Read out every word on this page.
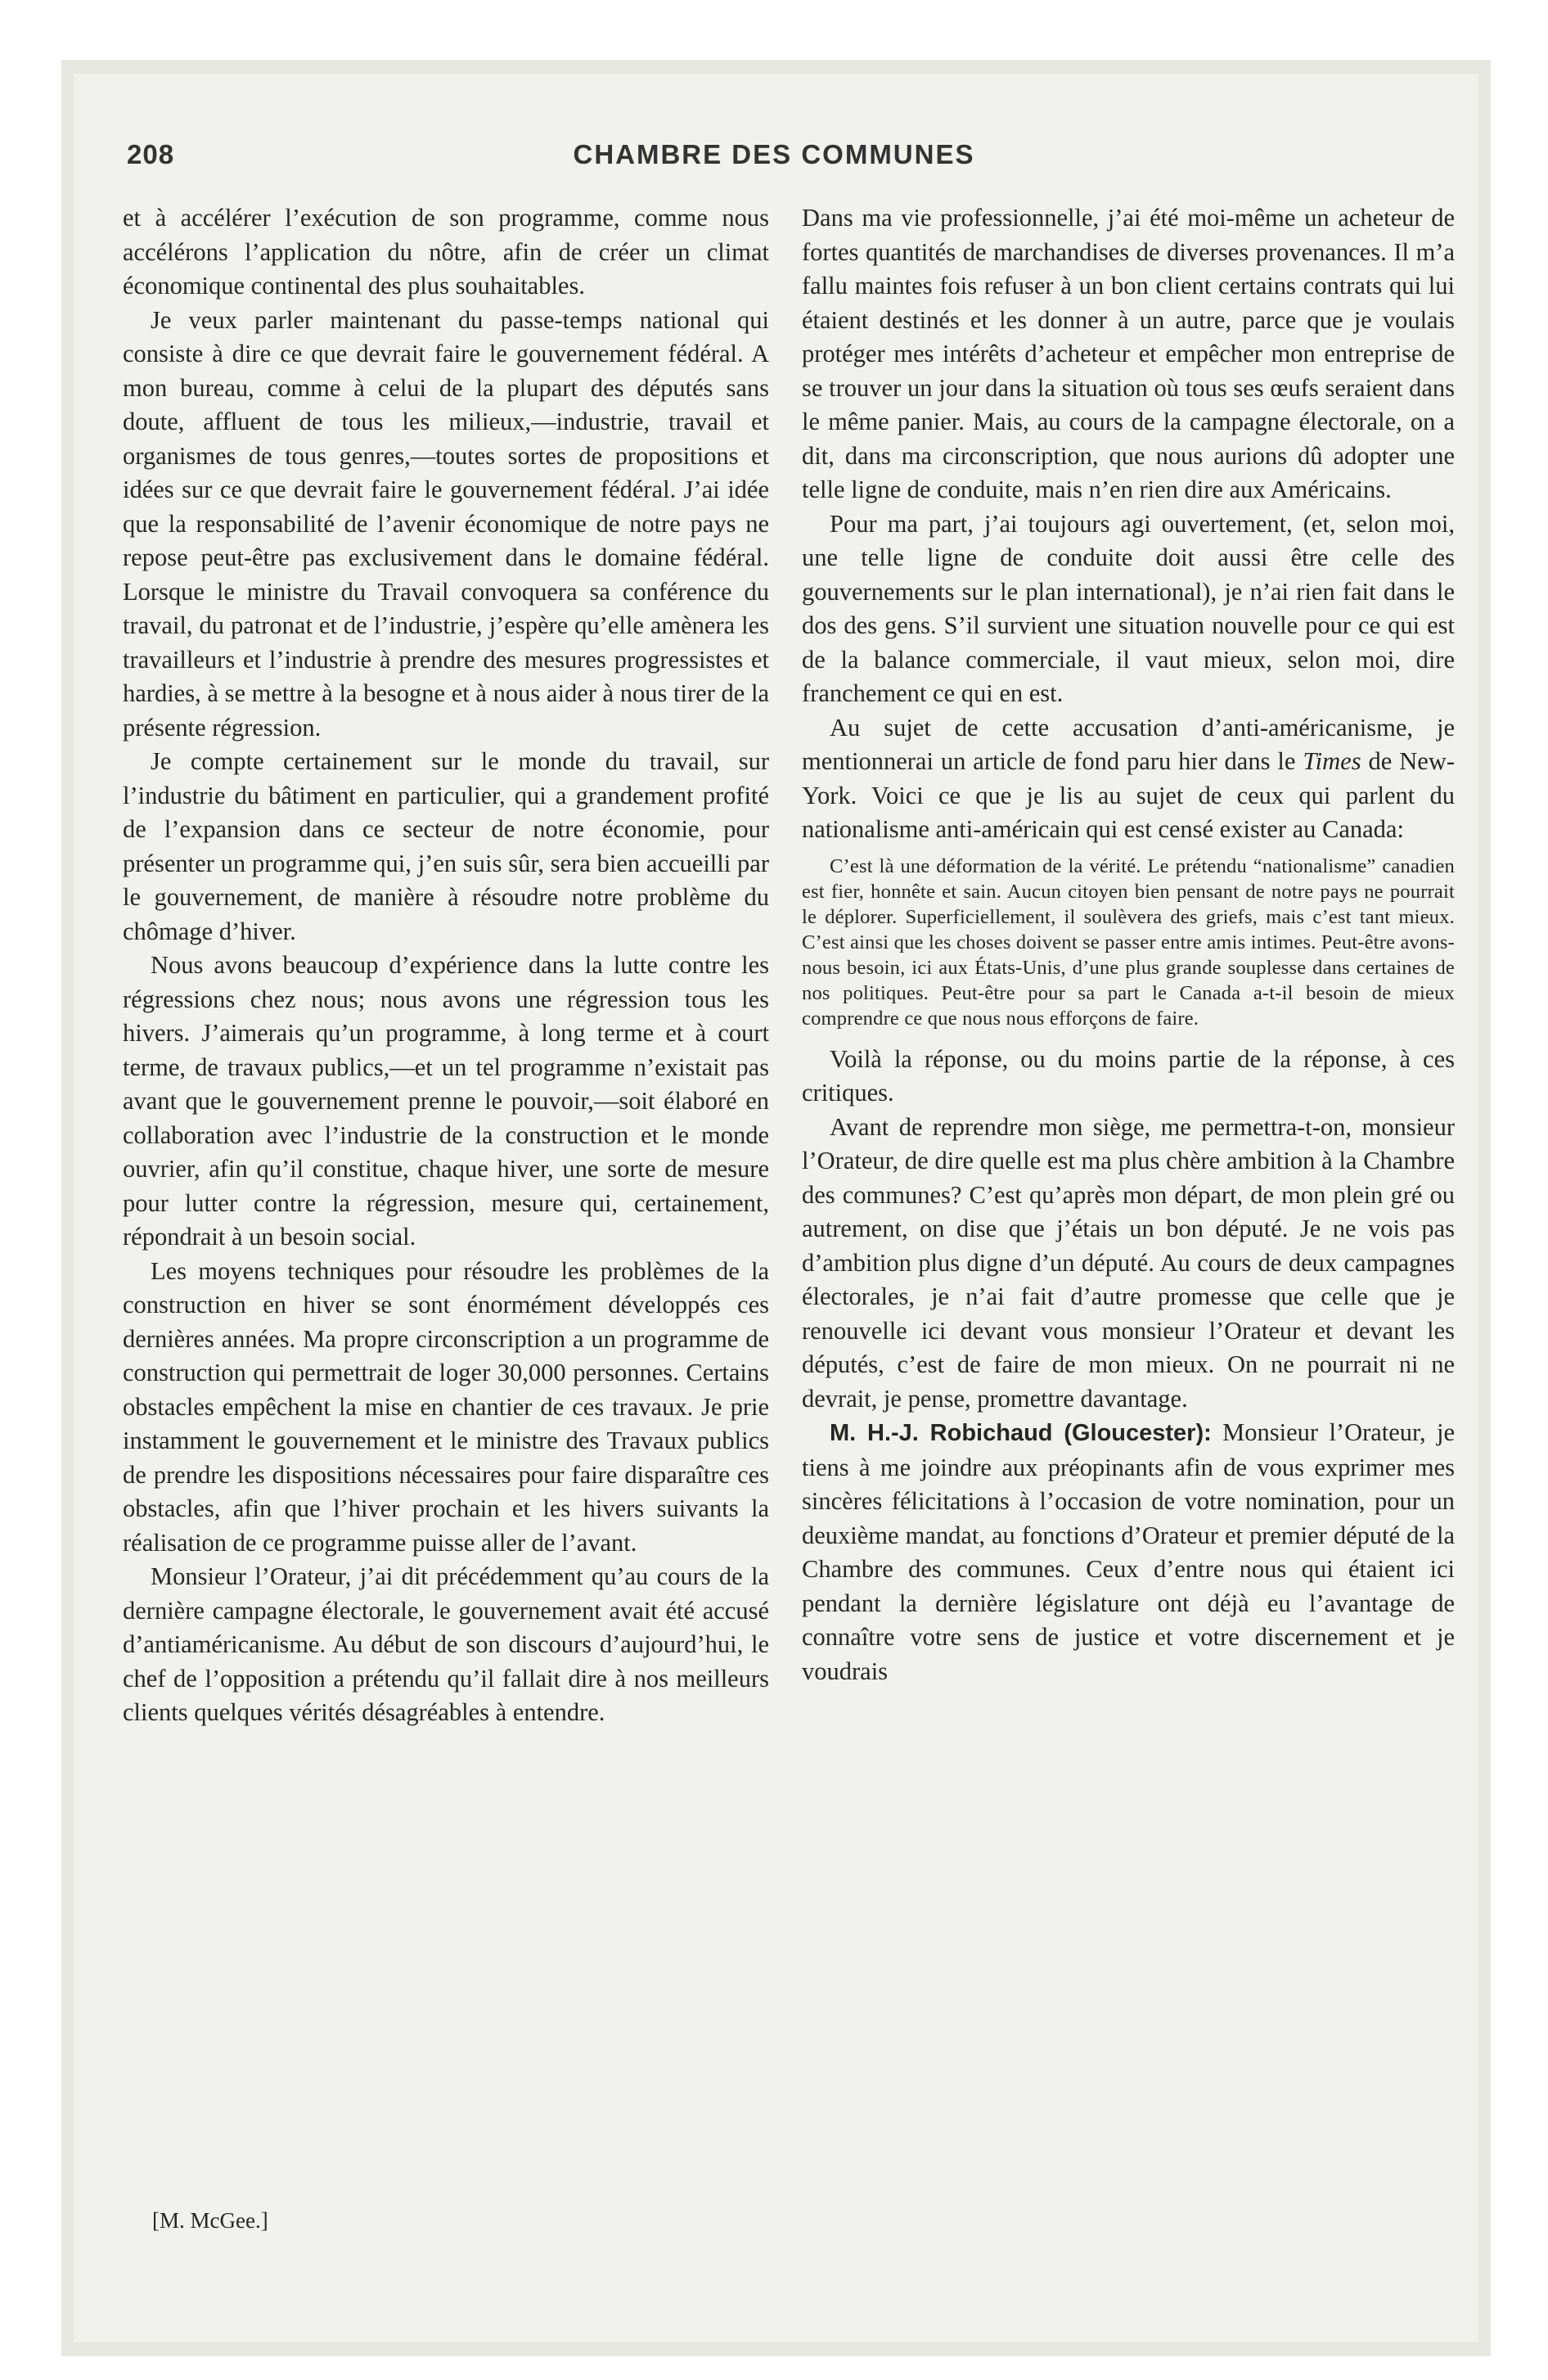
208	CHAMBRE DES COMMUNES

et à accélérer l’exécution de son programme, comme nous accélérons l’application du nôtre, afin de créer un climat économique continental des plus souhaitables.

Je veux parler maintenant du passe-temps national qui consiste à dire ce que devrait faire le gouvernement fédéral. A mon bureau, comme à celui de la plupart des députés sans doute, affluent de tous les milieux,—industrie, travail et organismes de tous genres,—toutes sortes de propositions et idées sur ce que devrait faire le gouvernement fédéral. J’ai idée que la responsabilité de l’avenir économique de notre pays ne repose peut-être pas exclusivement dans le domaine fédéral. Lorsque le ministre du Travail convoquera sa conférence du travail, du patronat et de l’industrie, j’espère qu’elle amènera les travailleurs et l’industrie à prendre des mesures progressistes et hardies, à se mettre à la besogne et à nous aider à nous tirer de la présente régression.

Je compte certainement sur le monde du travail, sur l’industrie du bâtiment en particulier, qui a grandement profité de l’expansion dans ce secteur de notre économie, pour présenter un programme qui, j’en suis sûr, sera bien accueilli par le gouvernement, de manière à résoudre notre problème du chômage d’hiver.

Nous avons beaucoup d’expérience dans la lutte contre les régressions chez nous; nous avons une régression tous les hivers. J’aimerais qu’un programme, à long terme et à court terme, de travaux publics,—et un tel programme n’existait pas avant que le gouvernement prenne le pouvoir,—soit élaboré en collaboration avec l’industrie de la construction et le monde ouvrier, afin qu’il constitue, chaque hiver, une sorte de mesure pour lutter contre la régression, mesure qui, certainement, répondrait à un besoin social.

Les moyens techniques pour résoudre les problèmes de la construction en hiver se sont énormément développés ces dernières années. Ma propre circonscription a un programme de construction qui permettrait de loger 30,000 personnes. Certains obstacles empêchent la mise en chantier de ces travaux. Je prie instamment le gouvernement et le ministre des Travaux publics de prendre les dispositions nécessaires pour faire disparaître ces obstacles, afin que l’hiver prochain et les hivers suivants la réalisation de ce programme puisse aller de l’avant.

Monsieur l’Orateur, j’ai dit précédemment qu’au cours de la dernière campagne électorale, le gouvernement avait été accusé d’antiaméricanisme. Au début de son discours d’aujourd’hui, le chef de l’opposition a prétendu qu’il fallait dire à nos meilleurs clients quelques vérités désagréables à entendre.

[M. McGee.]

Dans ma vie professionnelle, j’ai été moi-même un acheteur de fortes quantités de marchandises de diverses provenances. Il m’a fallu maintes fois refuser à un bon client certains contrats qui lui étaient destinés et les donner à un autre, parce que je voulais protéger mes intérêts d’acheteur et empêcher mon entreprise de se trouver un jour dans la situation où tous ses œufs seraient dans le même panier. Mais, au cours de la campagne électorale, on a dit, dans ma circonscription, que nous aurions dû adopter une telle ligne de conduite, mais n’en rien dire aux Américains.

Pour ma part, j’ai toujours agi ouvertement, (et, selon moi, une telle ligne de conduite doit aussi être celle des gouvernements sur le plan international), je n’ai rien fait dans le dos des gens. S’il survient une situation nouvelle pour ce qui est de la balance commerciale, il vaut mieux, selon moi, dire franchement ce qui en est.

Au sujet de cette accusation d’anti-américanisme, je mentionnerai un article de fond paru hier dans le Times de New-York. Voici ce que je lis au sujet de ceux qui parlent du nationalisme anti-américain qui est censé exister au Canada:

C’est là une déformation de la vérité. Le prétendu “nationalisme” canadien est fier, honnête et sain. Aucun citoyen bien pensant de notre pays ne pourrait le déplorer. Superficiellement, il soulèvera des griefs, mais c’est tant mieux. C’est ainsi que les choses doivent se passer entre amis intimes. Peut-être avons-nous besoin, ici aux États-Unis, d’une plus grande souplesse dans certaines de nos politiques. Peut-être pour sa part le Canada a-t-il besoin de mieux comprendre ce que nous nous efforçons de faire.

Voilà la réponse, ou du moins partie de la réponse, à ces critiques.

Avant de reprendre mon siège, me permettra-t-on, monsieur l’Orateur, de dire quelle est ma plus chère ambition à la Chambre des communes? C’est qu’après mon départ, de mon plein gré ou autrement, on dise que j’étais un bon député. Je ne vois pas d’ambition plus digne d’un député. Au cours de deux campagnes électorales, je n’ai fait d’autre promesse que celle que je renouvelle ici devant vous monsieur l’Orateur et devant les députés, c’est de faire de mon mieux. On ne pourrait ni ne devrait, je pense, promettre davantage.

M. H.-J. Robichaud (Gloucester): Monsieur l’Orateur, je tiens à me joindre aux préopinants afin de vous exprimer mes sincères félicitations à l’occasion de votre nomination, pour un deuxième mandat, au fonctions d’Orateur et premier député de la Chambre des communes. Ceux d’entre nous qui étaient ici pendant la dernière législature ont déjà eu l’avantage de connaître votre sens de justice et votre discernement et je voudrais
